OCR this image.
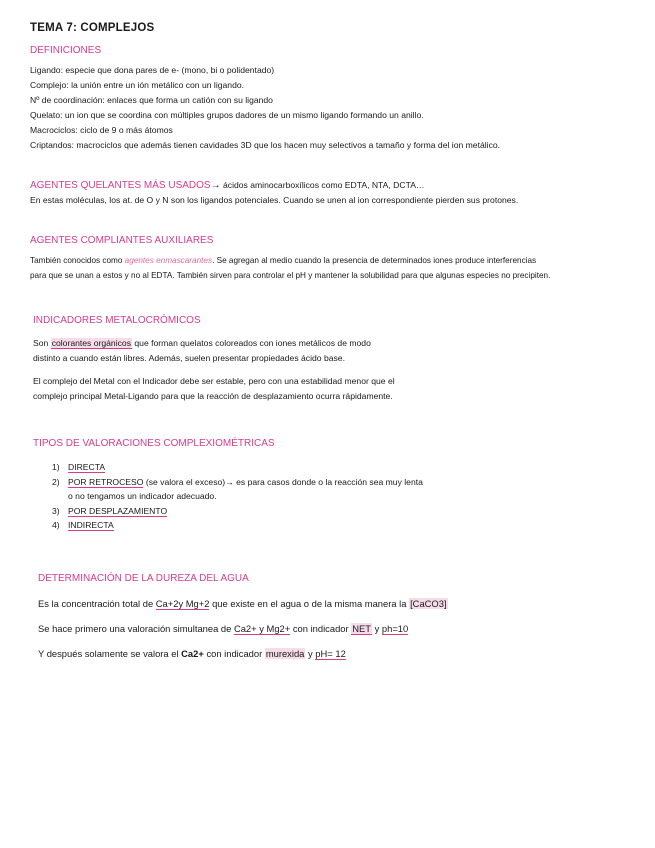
TEMA 7: COMPLEJOS
DEFINICIONES
Ligando: especie que dona pares de e- (mono, bi o polidentado)
Complejo: la unión entre un ión metálico con un ligando.
Nº de coordinación: enlaces que forma un catión con su ligando
Quelato: un ion que se coordina con múltiples grupos dadores de un mismo ligando formando un anillo.
Macrociclos: ciclo de 9 o más átomos
Criptandos: macrociclos que además tienen cavidades 3D que los hacen muy selectivos a tamaño y forma del ion metálico.
AGENTES QUELANTES MÁS USADOS→ ácidos aminocarboxílicos como EDTA, NTA, DCTA…
En estas moléculas, los at. de O y N son los ligandos potenciales. Cuando se unen al ion correspondiente pierden sus protones.
AGENTES COMPLIANTES AUXILIARES
También conocidos como agentes enmascarantes. Se agregan al medio cuando la presencia de determinados iones produce interferencias
para que se unan a estos y no al EDTA. También sirven para controlar el pH y mantener la solubilidad para que algunas especies no precipiten.
INDICADORES METALOCRÓMICOS
Son colorantes orgánicos que forman quelatos coloreados con iones metálicos de modo
distinto a cuando están libres. Además, suelen presentar propiedades ácido base.
El complejo del Metal con el Indicador debe ser estable, pero con una estabilidad menor que el
complejo principal Metal-Ligando para que la reacción de desplazamiento ocurra rápidamente.
TIPOS DE VALORACIONES COMPLEXIOMÉTRICAS
1) DIRECTA
2) POR RETROCESO (se valora el exceso)→ es para casos donde o la reacción sea muy lenta
o no tengamos un indicador adecuado.
3) POR DESPLAZAMIENTO
4) INDIRECTA
DETERMINACIÓN DE LA DUREZA DEL AGUA
Es la concentración total de Ca+2y Mg+2 que existe en el agua o de la misma manera la [CaCO3]
Se hace primero una valoración simultanea de Ca2+ y Mg2+ con indicador NET y ph=10
Y después solamente se valora el Ca2+ con indicador murexida y pH= 12
